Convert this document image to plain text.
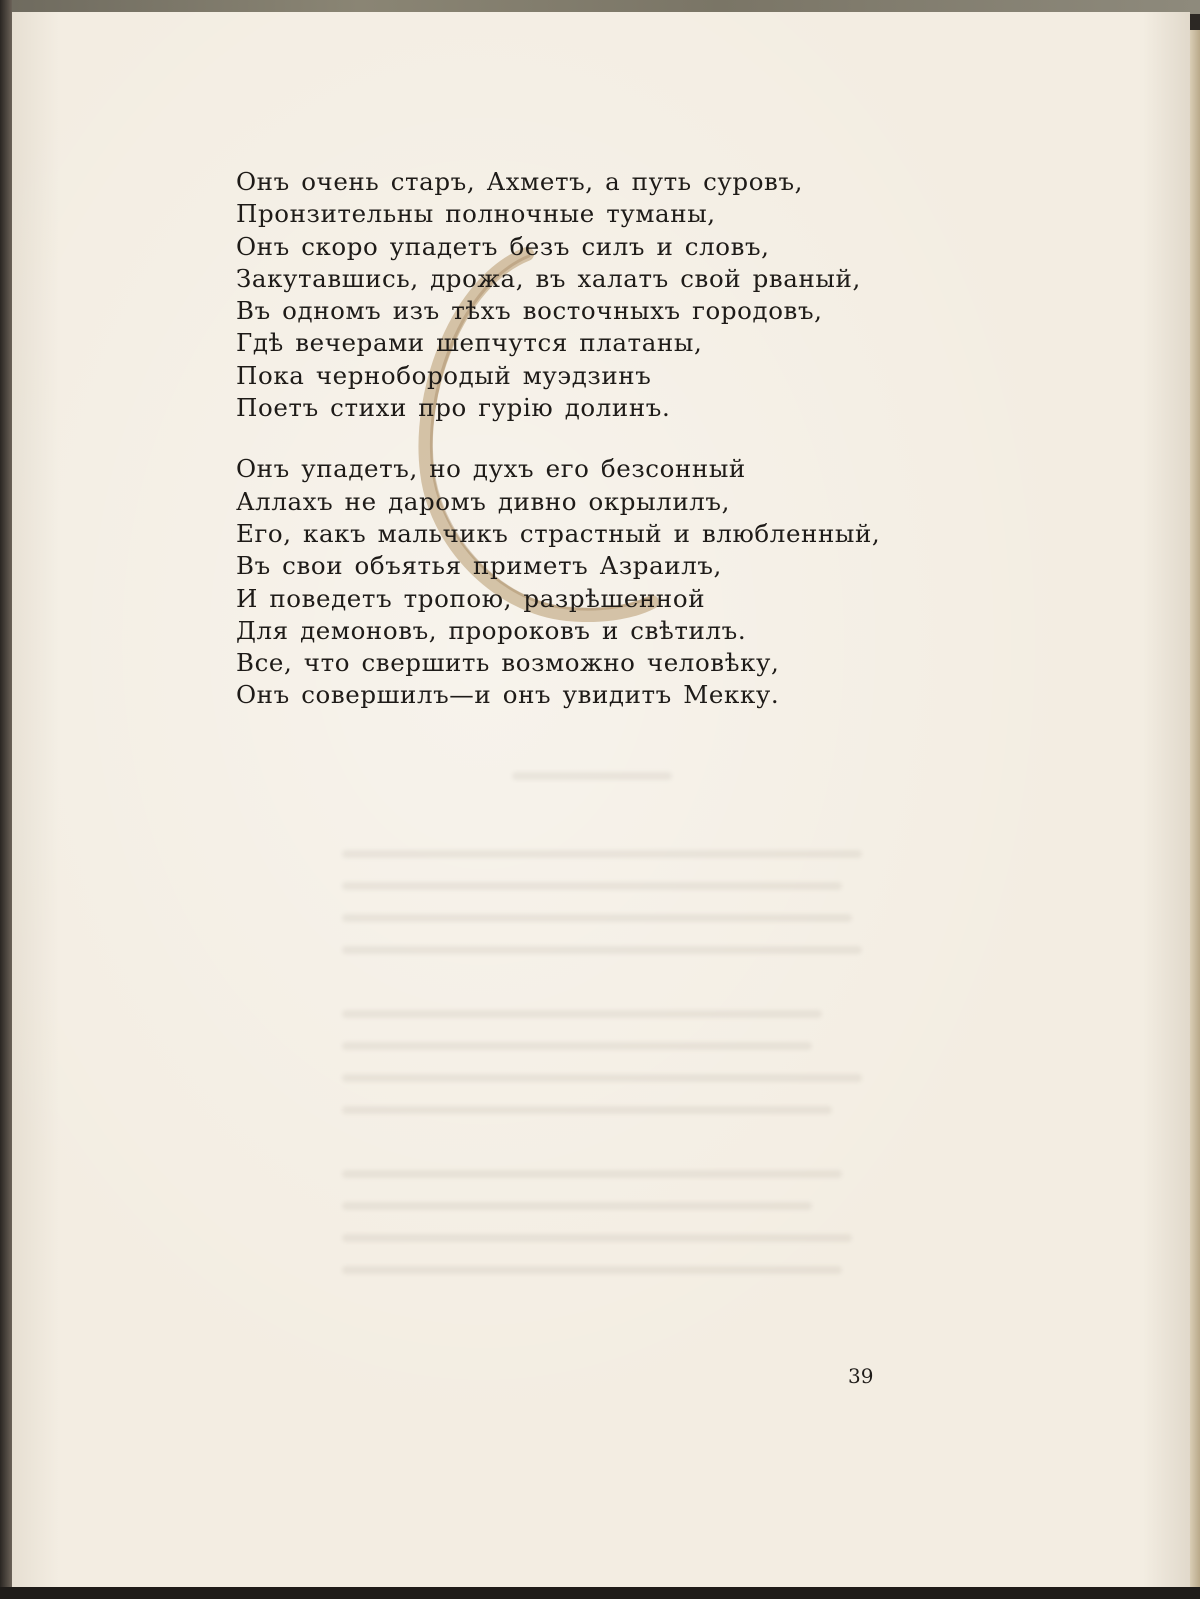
Онъ очень старъ, Ахметъ, а путь суровъ,
Пронзительны полночные туманы,
Онъ скоро упадетъ безъ силъ и словъ,
Закутавшись, дрожа, въ халатъ свой рваный,
Въ одномъ изъ тѣхъ восточныхъ городовъ,
Гдѣ вечерами шепчутся платаны,
Пока чернобородый муэдзинъ
Поетъ стихи про гурію долинъ.

Онъ упадетъ, но духъ его безсонный
Аллахъ не даромъ дивно окрылилъ,
Его, какъ мальчикъ страстный и влюбленный,
Въ свои объятья приметъ Азраилъ,
И поведетъ тропою, разрѣшенной
Для демоновъ, пророковъ и свѣтилъ.
Все, что свершить возможно человѣку,
Онъ совершилъ—и онъ увидитъ Мекку.

39
